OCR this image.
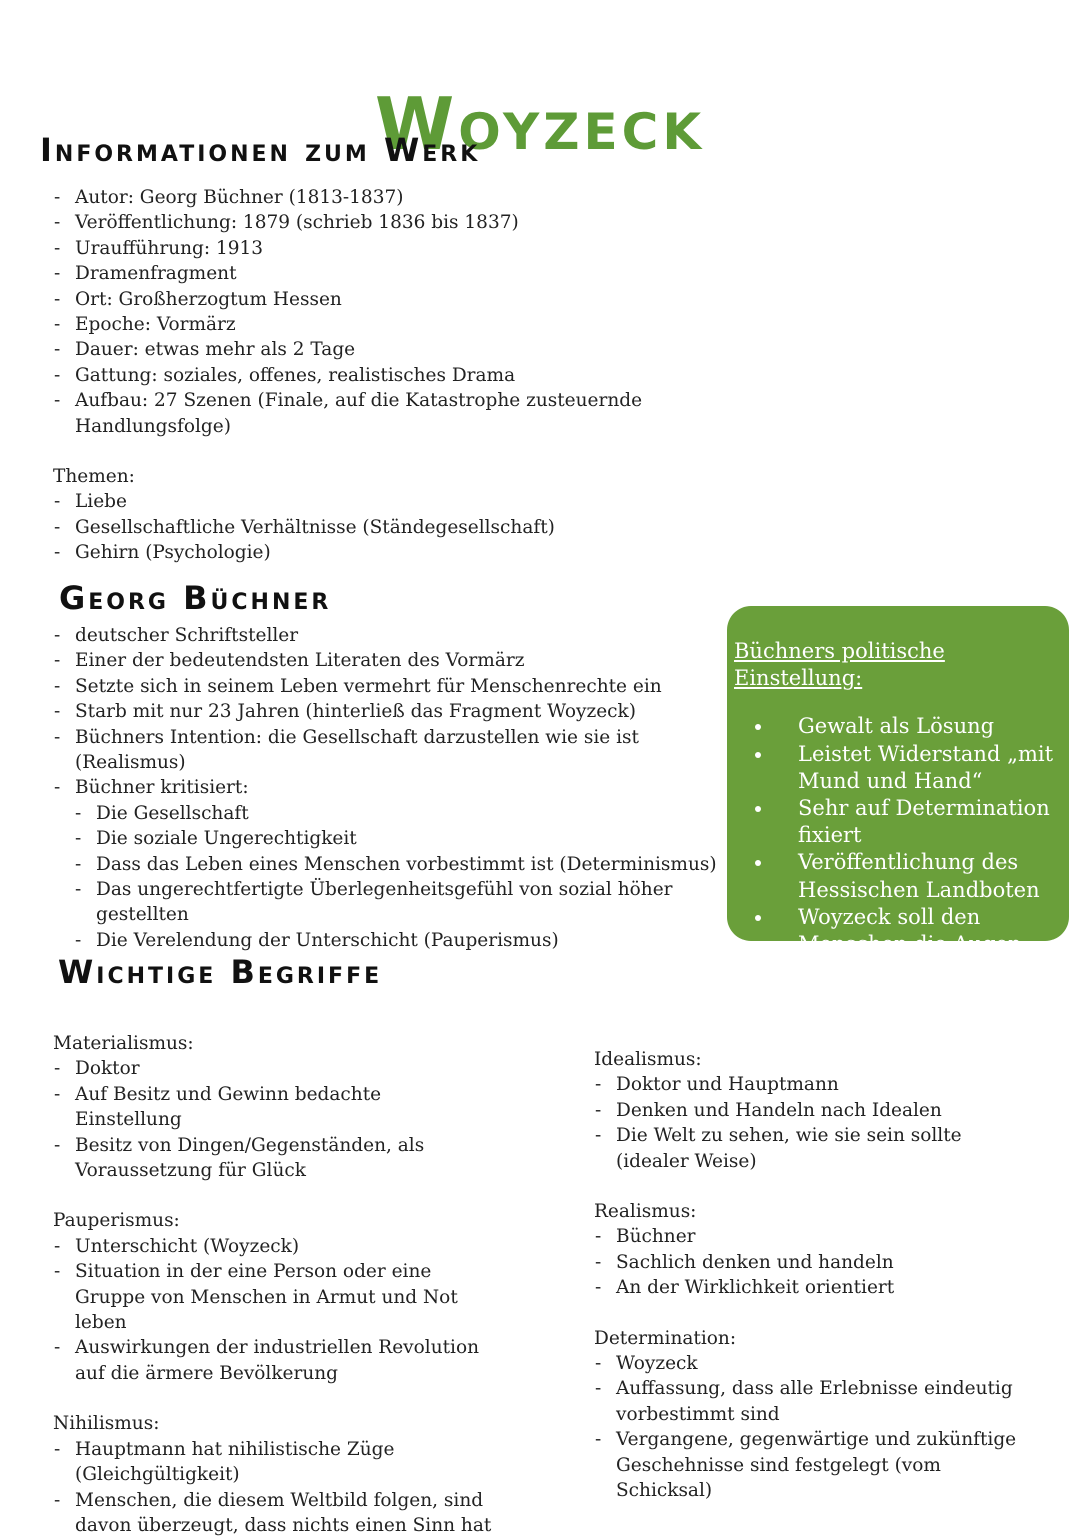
Woyzeck
Informationen zum Werk
- Autor: Georg Büchner (1813-1837)
- Veröffentlichung: 1879 (schrieb 1836 bis 1837)
- Uraufführung: 1913
- Dramenfragment
- Ort: Großherzogtum Hessen
- Epoche: Vormärz
- Dauer: etwas mehr als 2 Tage
- Gattung: soziales, offenes, realistisches Drama
- Aufbau: 27 Szenen (Finale, auf die Katastrophe zusteuernde Handlungsfolge)
Themen:
- Liebe
- Gesellschaftliche Verhältnisse (Ständegesellschaft)
- Gehirn (Psychologie)
Georg Büchner
- deutscher Schriftsteller
- Einer der bedeutendsten Literaten des Vormärz
- Setzte sich in seinem Leben vermehrt für Menschenrechte ein
- Starb mit nur 23 Jahren (hinterließ das Fragment Woyzeck)
- Büchners Intention: die Gesellschaft darzustellen wie sie ist (Realismus)
- Büchner kritisiert:
- Die Gesellschaft
- Die soziale Ungerechtigkeit
- Dass das Leben eines Menschen vorbestimmt ist (Determinismus)
- Das ungerechtfertigte Überlegenheitsgefühl von sozial höher gestellten
- Die Verelendung der Unterschicht (Pauperismus)
Büchners politische Einstellung:
• Gewalt als Lösung
• Leistet Widerstand „mit Mund und Hand“
• Sehr auf Determination fixiert
• Veröffentlichung des Hessischen Landboten
• Woyzeck soll den Menschen die Augen öffnen
• Sehr fortschrittlich denkend
Wichtige Begriffe
Materialismus:
- Doktor
- Auf Besitz und Gewinn bedachte Einstellung
- Besitz von Dingen/Gegenständen, als Voraussetzung für Glück
Pauperismus:
- Unterschicht (Woyzeck)
- Situation in der eine Person oder eine Gruppe von Menschen in Armut und Not leben
- Auswirkungen der industriellen Revolution auf die ärmere Bevölkerung
Nihilismus:
- Hauptmann hat nihilistische Züge (Gleichgültigkeit)
- Menschen, die diesem Weltbild folgen, sind davon überzeugt, dass nichts einen Sinn hat
Idealismus:
- Doktor und Hauptmann
- Denken und Handeln nach Idealen
- Die Welt zu sehen, wie sie sein sollte (idealer Weise)
Realismus:
- Büchner
- Sachlich denken und handeln
- An der Wirklichkeit orientiert
Determination:
- Woyzeck
- Auffassung, dass alle Erlebnisse eindeutig vorbestimmt sind
- Vergangene, gegenwärtige und zukünftige Geschehnisse sind festgelegt (vom Schicksal)
